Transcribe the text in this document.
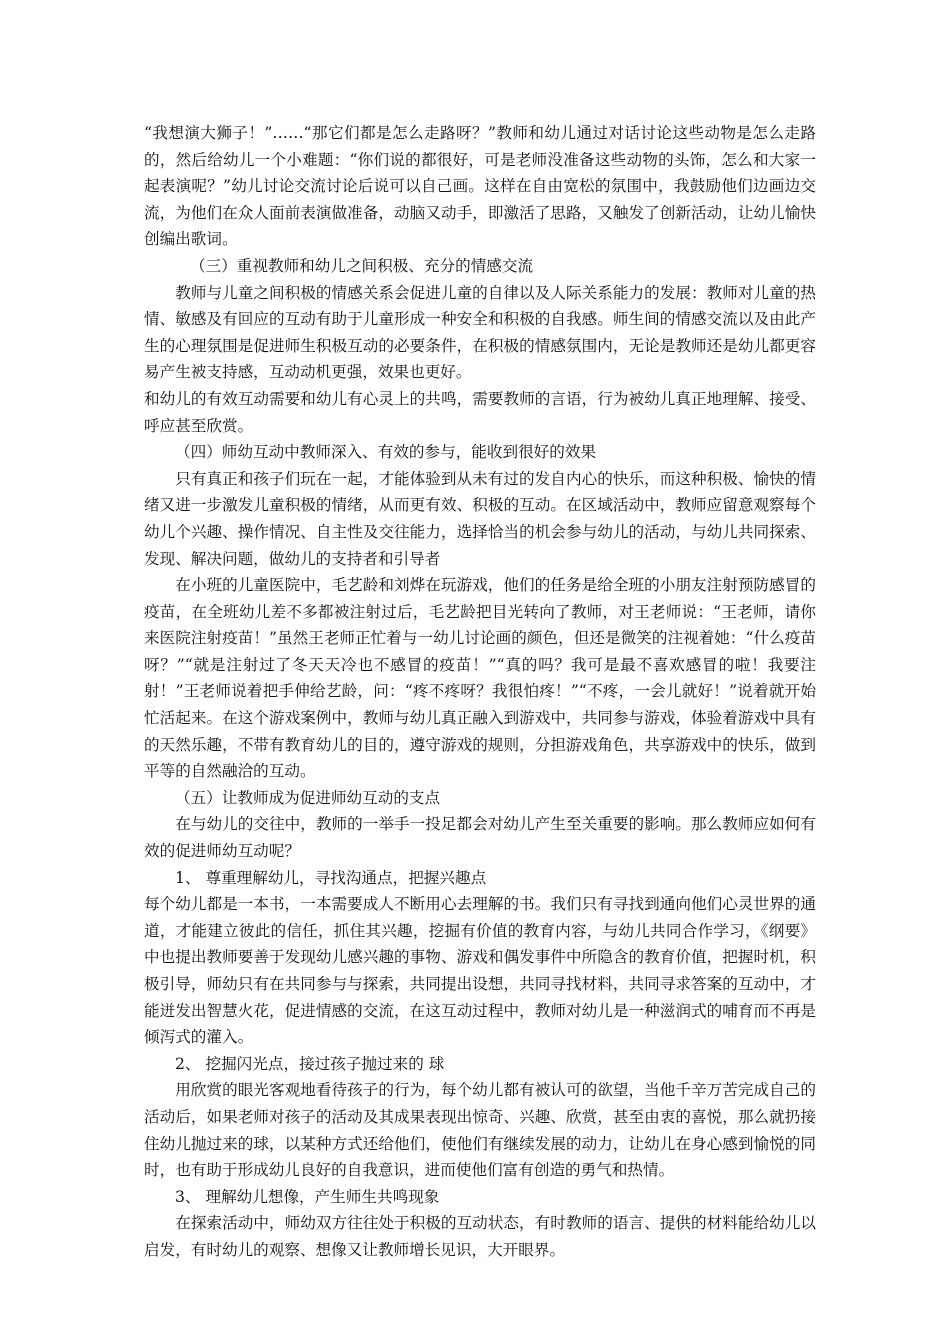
“我想演大狮子！”……“那它们都是怎么走路呀？”教师和幼儿通过对话讨论这些动物是怎么走路的，然后给幼儿一个小难题：“你们说的都很好，可是老师没准备这些动物的头饰，怎么和大家一起表演呢？”幼儿讨论交流讨论后说可以自己画。这样在自由宽松的氛围中，我鼓励他们边画边交流，为他们在众人面前表演做准备，动脑又动手，即激活了思路，又触发了创新活动，让幼儿愉快创编出歌词。

（三）重视教师和幼儿之间积极、充分的情感交流

教师与儿童之间积极的情感关系会促进儿童的自律以及人际关系能力的发展：教师对儿童的热情、敏感及有回应的互动有助于儿童形成一种安全和积极的自我感。师生间的情感交流以及由此产生的心理氛围是促进师生积极互动的必要条件，在积极的情感氛围内，无论是教师还是幼儿都更容易产生被支持感，互动动机更强，效果也更好。

和幼儿的有效互动需要和幼儿有心灵上的共鸣，需要教师的言语，行为被幼儿真正地理解、接受、呼应甚至欣赏。

（四）师幼互动中教师深入、有效的参与，能收到很好的效果

只有真正和孩子们玩在一起，才能体验到从未有过的发自内心的快乐，而这种积极、愉快的情绪又进一步激发儿童积极的情绪，从而更有效、积极的互动。在区域活动中，教师应留意观察每个幼儿个兴趣、操作情况、自主性及交往能力，选择恰当的机会参与幼儿的活动，与幼儿共同探索、发现、解决问题，做幼儿的支持者和引导者

在小班的儿童医院中，毛艺龄和刘烨在玩游戏，他们的任务是给全班的小朋友注射预防感冒的疫苗，在全班幼儿差不多都被注射过后，毛艺龄把目光转向了教师，对王老师说：“王老师，请你来医院注射疫苗！”虽然王老师正忙着与一幼儿讨论画的颜色，但还是微笑的注视着她：“什么疫苗呀？”“就是注射过了冬天天冷也不感冒的疫苗！”“真的吗？我可是最不喜欢感冒的啦！我要注射！”王老师说着把手伸给艺龄，问：“疼不疼呀？我很怕疼！”“不疼，一会儿就好！”说着就开始忙活起来。在这个游戏案例中，教师与幼儿真正融入到游戏中，共同参与游戏，体验着游戏中具有的天然乐趣，不带有教育幼儿的目的，遵守游戏的规则，分担游戏角色，共享游戏中的快乐，做到平等的自然融洽的互动。

（五）让教师成为促进师幼互动的支点

在与幼儿的交往中，教师的一举手一投足都会对幼儿产生至关重要的影响。那么教师应如何有效的促进师幼互动呢？

1、 尊重理解幼儿，寻找沟通点，把握兴趣点

每个幼儿都是一本书，一本需要成人不断用心去理解的书。我们只有寻找到通向他们心灵世界的通道，才能建立彼此的信任，抓住其兴趣，挖掘有价值的教育内容，与幼儿共同合作学习，《纲要》中也提出教师要善于发现幼儿感兴趣的事物、游戏和偶发事件中所隐含的教育价值，把握时机，积极引导，师幼只有在共同参与与探索，共同提出设想，共同寻找材料，共同寻求答案的互动中，才能迸发出智慧火花，促进情感的交流，在这互动过程中，教师对幼儿是一种滋润式的哺育而不再是倾泻式的灌入。

2、 挖掘闪光点，接过孩子抛过来的 球

用欣赏的眼光客观地看待孩子的行为，每个幼儿都有被认可的欲望，当他千辛万苦完成自己的活动后，如果老师对孩子的活动及其成果表现出惊奇、兴趣、欣赏，甚至由衷的喜悦，那么就扔接住幼儿抛过来的球，以某种方式还给他们，使他们有继续发展的动力，让幼儿在身心感到愉悦的同时，也有助于形成幼儿良好的自我意识，进而使他们富有创造的勇气和热情。

3、 理解幼儿想像，产生师生共鸣现象

在探索活动中，师幼双方往往处于积极的互动状态，有时教师的语言、提供的材料能给幼儿以启发，有时幼儿的观察、想像又让教师增长见识，大开眼界。
